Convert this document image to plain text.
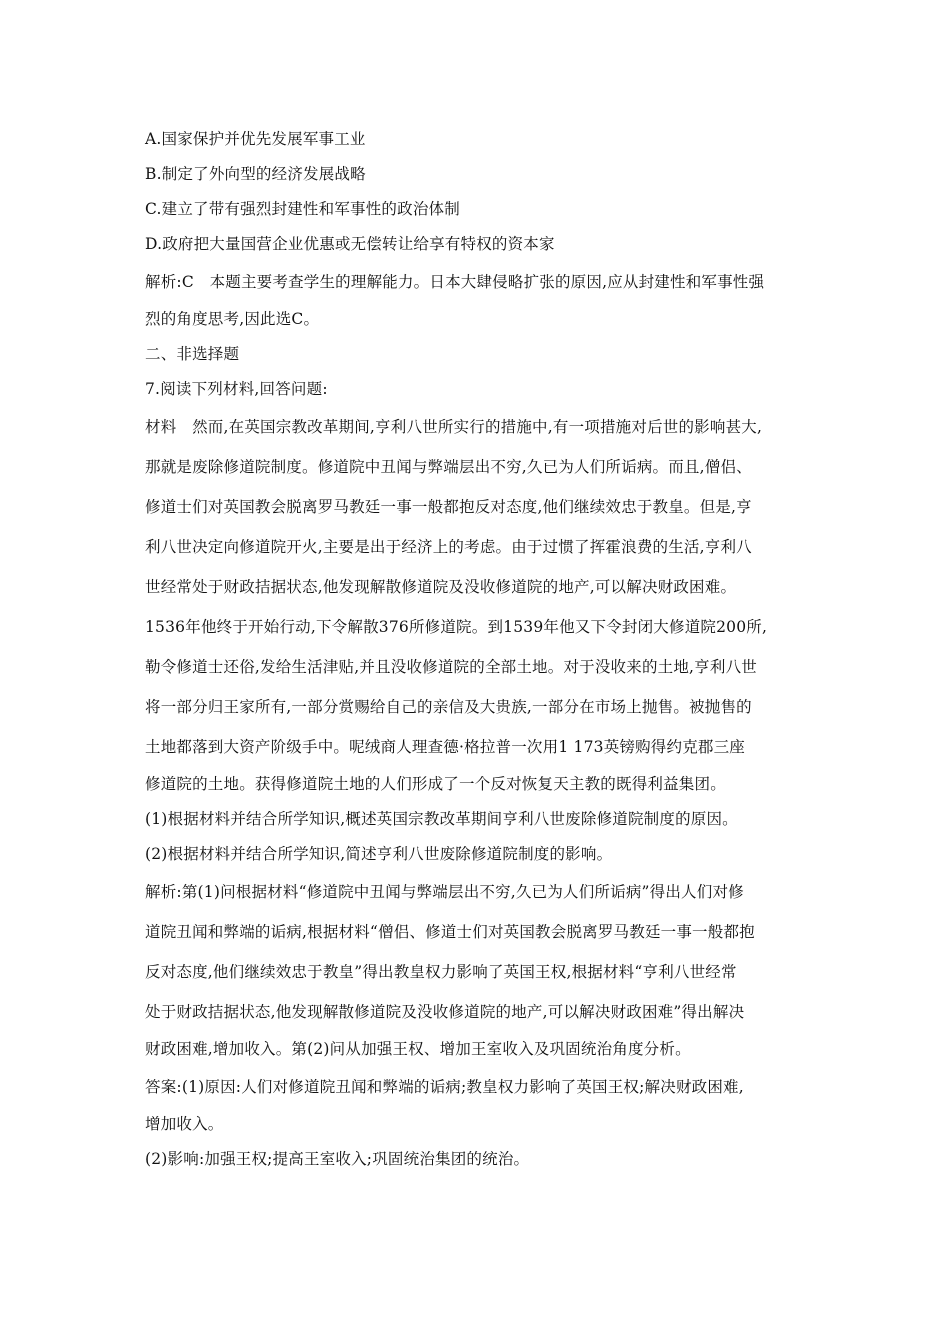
A.国家保护并优先发展军事工业
B.制定了外向型的经济发展战略
C.建立了带有强烈封建性和军事性的政治体制
D.政府把大量国营企业优惠或无偿转让给享有特权的资本家
解析:C　本题主要考查学生的理解能力。日本大肆侵略扩张的原因,应从封建性和军事性强
烈的角度思考,因此选C。
二、非选择题
7.阅读下列材料,回答问题:
材料　然而,在英国宗教改革期间,亨利八世所实行的措施中,有一项措施对后世的影响甚大,
那就是废除修道院制度。修道院中丑闻与弊端层出不穷,久已为人们所诟病。而且,僧侣、
修道士们对英国教会脱离罗马教廷一事一般都抱反对态度,他们继续效忠于教皇。但是,亨
利八世决定向修道院开火,主要是出于经济上的考虑。由于过惯了挥霍浪费的生活,亨利八
世经常处于财政拮据状态,他发现解散修道院及没收修道院的地产,可以解决财政困难。
1536年他终于开始行动,下令解散376所修道院。到1539年他又下令封闭大修道院200所,
勒令修道士还俗,发给生活津贴,并且没收修道院的全部土地。对于没收来的土地,亨利八世
将一部分归王家所有,一部分赏赐给自己的亲信及大贵族,一部分在市场上抛售。被抛售的
土地都落到大资产阶级手中。呢绒商人理查德·格拉普一次用1 173英镑购得约克郡三座
修道院的土地。获得修道院土地的人们形成了一个反对恢复天主教的既得利益集团。
(1)根据材料并结合所学知识,概述英国宗教改革期间亨利八世废除修道院制度的原因。
(2)根据材料并结合所学知识,简述亨利八世废除修道院制度的影响。
解析:第(1)问根据材料“修道院中丑闻与弊端层出不穷,久已为人们所诟病”得出人们对修
道院丑闻和弊端的诟病,根据材料“僧侣、修道士们对英国教会脱离罗马教廷一事一般都抱
反对态度,他们继续效忠于教皇”得出教皇权力影响了英国王权,根据材料“亨利八世经常
处于财政拮据状态,他发现解散修道院及没收修道院的地产,可以解决财政困难”得出解决
财政困难,增加收入。第(2)问从加强王权、增加王室收入及巩固统治角度分析。
答案:(1)原因:人们对修道院丑闻和弊端的诟病;教皇权力影响了英国王权;解决财政困难,
增加收入。
(2)影响:加强王权;提高王室收入;巩固统治集团的统治。
